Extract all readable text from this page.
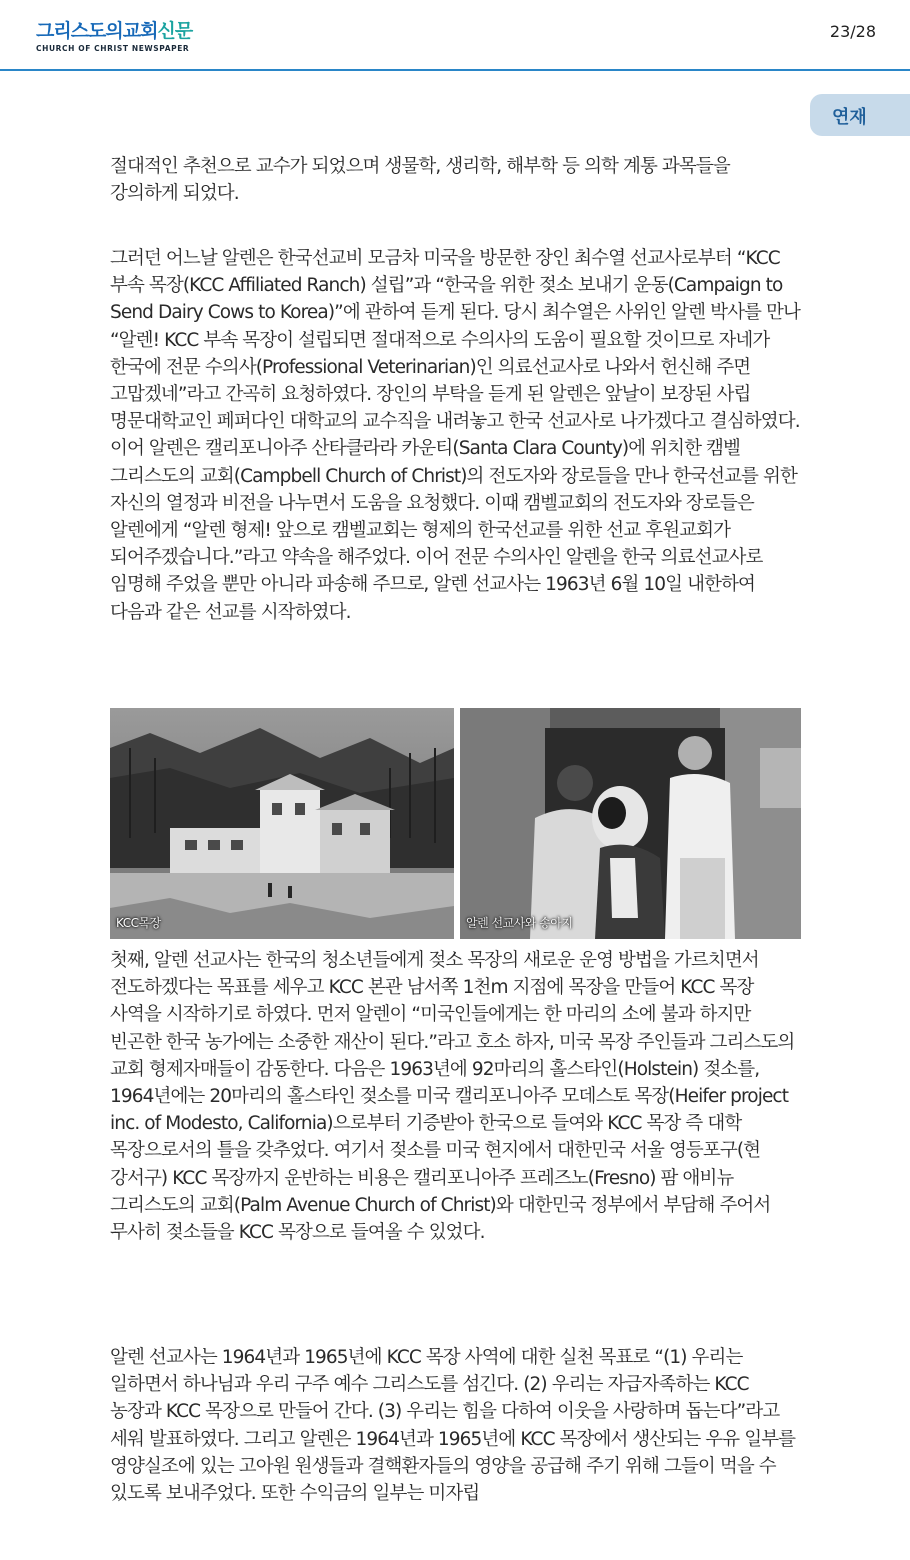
그리스도의교회신문
CHURCH OF CHRIST NEWSPAPER
23/28
연재

절대적인 추천으로 교수가 되었으며 생물학, 생리학, 해부학 등 의학 계통 과목들을 강의하게 되었다.

그러던 어느날 알렌은 한국선교비 모금차 미국을 방문한 장인 최수열 선교사로부터 “KCC 부속 목장(KCC Affiliated Ranch) 설립”과 “한국을 위한 젖소 보내기 운동(Campaign to Send Dairy Cows to Korea)”에 관하여 듣게 된다. 당시 최수열은 사위인 알렌 박사를 만나 “알렌! KCC 부속 목장이 설립되면 절대적으로 수의사의 도움이 필요할 것이므로 자네가 한국에 전문 수의사(Professional Veterinarian)인 의료선교사로 나와서 헌신해 주면 고맙겠네”라고 간곡히 요청하였다. 장인의 부탁을 듣게 된 알렌은 앞날이 보장된 사립 명문대학교인 페퍼다인 대학교의 교수직을 내려놓고 한국 선교사로 나가겠다고 결심하였다. 이어 알렌은 캘리포니아주 산타클라라 카운티(Santa Clara County)에 위치한 캠벨 그리스도의 교회(Campbell Church of Christ)의 전도자와 장로들을 만나 한국선교를 위한 자신의 열정과 비전을 나누면서 도움을 요청했다. 이때 캠벨교회의 전도자와 장로들은 알렌에게 “알렌 형제! 앞으로 캠벨교회는 형제의 한국선교를 위한 선교 후원교회가 되어주겠습니다.”라고 약속을 해주었다. 이어 전문 수의사인 알렌을 한국 의료선교사로 임명해 주었을 뿐만 아니라 파송해 주므로, 알렌 선교사는 1963년 6월 10일 내한하여 다음과 같은 선교를 시작하였다.

KCC목장	알렌 선교사와 송아지

첫째, 알렌 선교사는 한국의 청소년들에게 젖소 목장의 새로운 운영 방법을 가르치면서 전도하겠다는 목표를 세우고 KCC 본관 남서쪽 1천m 지점에 목장을 만들어 KCC 목장 사역을 시작하기로 하였다. 먼저 알렌이 “미국인들에게는 한 마리의 소에 불과 하지만 빈곤한 한국 농가에는 소중한 재산이 된다.”라고 호소 하자, 미국 목장 주인들과 그리스도의 교회 형제자매들이 감동한다. 다음은 1963년에 92마리의 홀스타인(Holstein) 젖소를, 1964년에는 20마리의 홀스타인 젖소를 미국 캘리포니아주 모데스토 목장(Heifer project inc. of Modesto, California)으로부터 기증받아 한국으로 들여와 KCC 목장 즉 대학 목장으로서의 틀을 갖추었다. 여기서 젖소를 미국 현지에서 대한민국 서울 영등포구(현 강서구) KCC 목장까지 운반하는 비용은 캘리포니아주 프레즈노(Fresno) 팜 애비뉴 그리스도의 교회(Palm Avenue Church of Christ)와 대한민국 정부에서 부담해 주어서 무사히 젖소들을 KCC 목장으로 들여올 수 있었다.

알렌 선교사는 1964년과 1965년에 KCC 목장 사역에 대한 실천 목표로 “(1) 우리는 일하면서 하나님과 우리 구주 예수 그리스도를 섬긴다. (2) 우리는 자급자족하는 KCC 농장과 KCC 목장으로 만들어 간다. (3) 우리는 힘을 다하여 이웃을 사랑하며 돕는다”라고 세워 발표하였다. 그리고 알렌은 1964년과 1965년에 KCC 목장에서 생산되는 우유 일부를 영양실조에 있는 고아원 원생들과 결핵환자들의 영양을 공급해 주기 위해 그들이 먹을 수 있도록 보내주었다. 또한 수익금의 일부는 미자립
